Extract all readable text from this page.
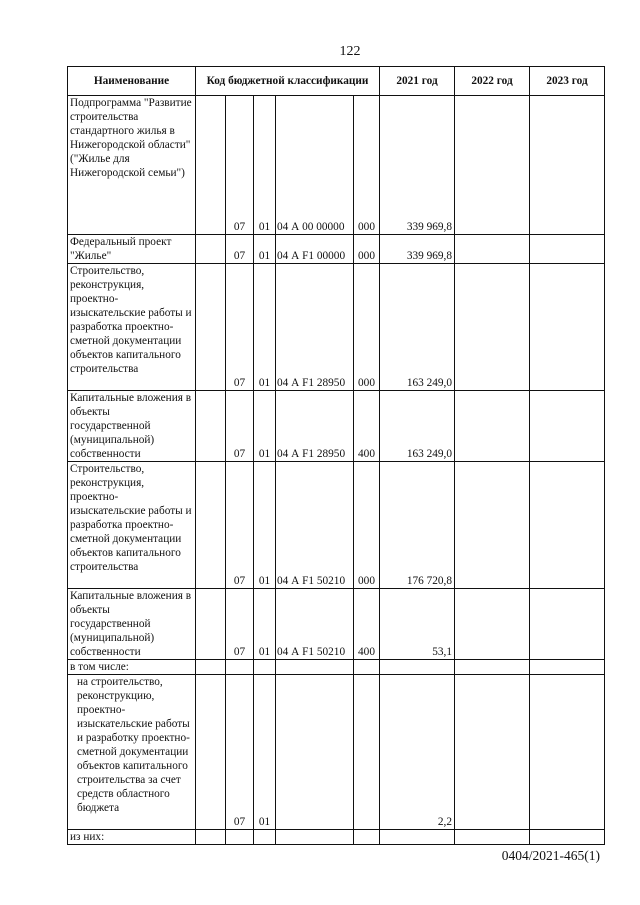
122
Наименование	Код бюджетной классификации					2021 год	2022 год	2023 год
Подпрограмма "Развитие строительства стандартного жилья в Нижегородской области" ("Жилье для Нижегородской семьи")		07	01	04 А 00 00000	000	339 969,8		
Федеральный проект "Жилье"		07	01	04 А F1 00000	000	339 969,8		
Строительство, реконструкция, проектно-изыскательские работы и разработка проектно-сметной документации объектов капитального строительства		07	01	04 А F1 28950	000	163 249,0		
Капитальные вложения в объекты государственной (муниципальной) собственности		07	01	04 А F1 28950	400	163 249,0		
Строительство, реконструкция, проектно-изыскательские работы и разработка проектно-сметной документации объектов капитального строительства		07	01	04 А F1 50210	000	176 720,8		
Капитальные вложения в объекты государственной (муниципальной) собственности		07	01	04 А F1 50210	400	53,1		
в том числе:								
на строительство, реконструкцию, проектно-изыскательские работы и разработку проектно-сметной документации объектов капитального строительства за счет средств областного бюджета		07	01			2,2		
из них:								
0404/2021-465(1)
